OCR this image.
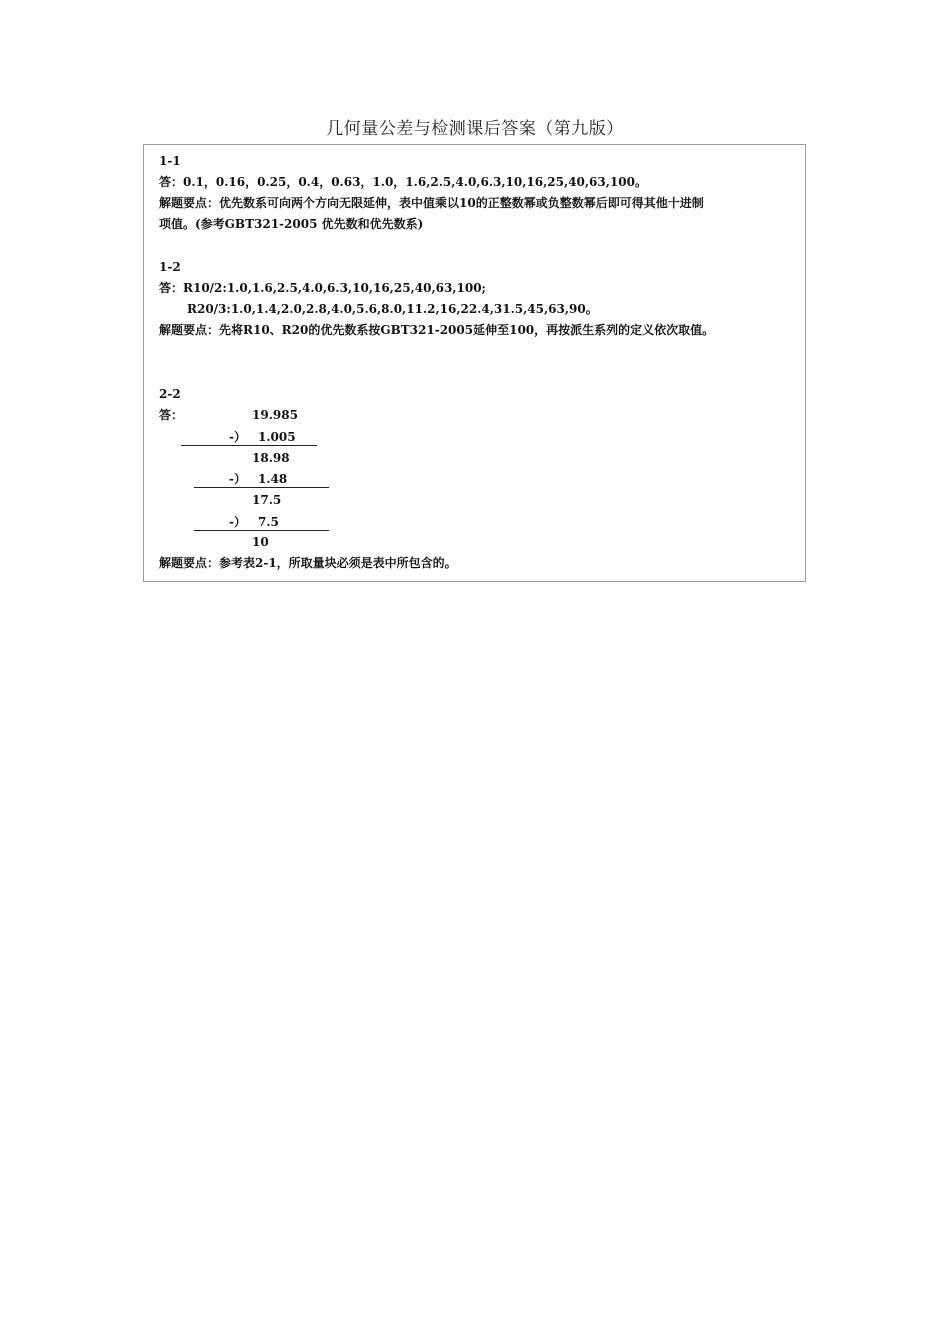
几何量公差与检测课后答案（第九版）
1-1
答：0.1，0.16，0.25，0.4，0.63，1.0，1.6,2.5,4.0,6.3,10,16,25,40,63,100。
解题要点：优先数系可向两个方向无限延伸，表中值乘以10的正整数幂或负整数幂后即可得其他十进制
项值。(参考GBT321-2005 优先数和优先数系)
1-2
答：R10/2:1.0,1.6,2.5,4.0,6.3,10,16,25,40,63,100;
R20/3:1.0,1.4,2.0,2.8,4.0,5.6,8.0,11.2,16,22.4,31.5,45,63,90。
解题要点：先将R10、R20的优先数系按GBT321-2005延伸至100，再按派生系列的定义依次取值。
2-2
答：	19.985
-） 1.005
18.98
-） 1.48
17.5
-） 7.5
10
解题要点：参考表2-1，所取量块必须是表中所包含的。
